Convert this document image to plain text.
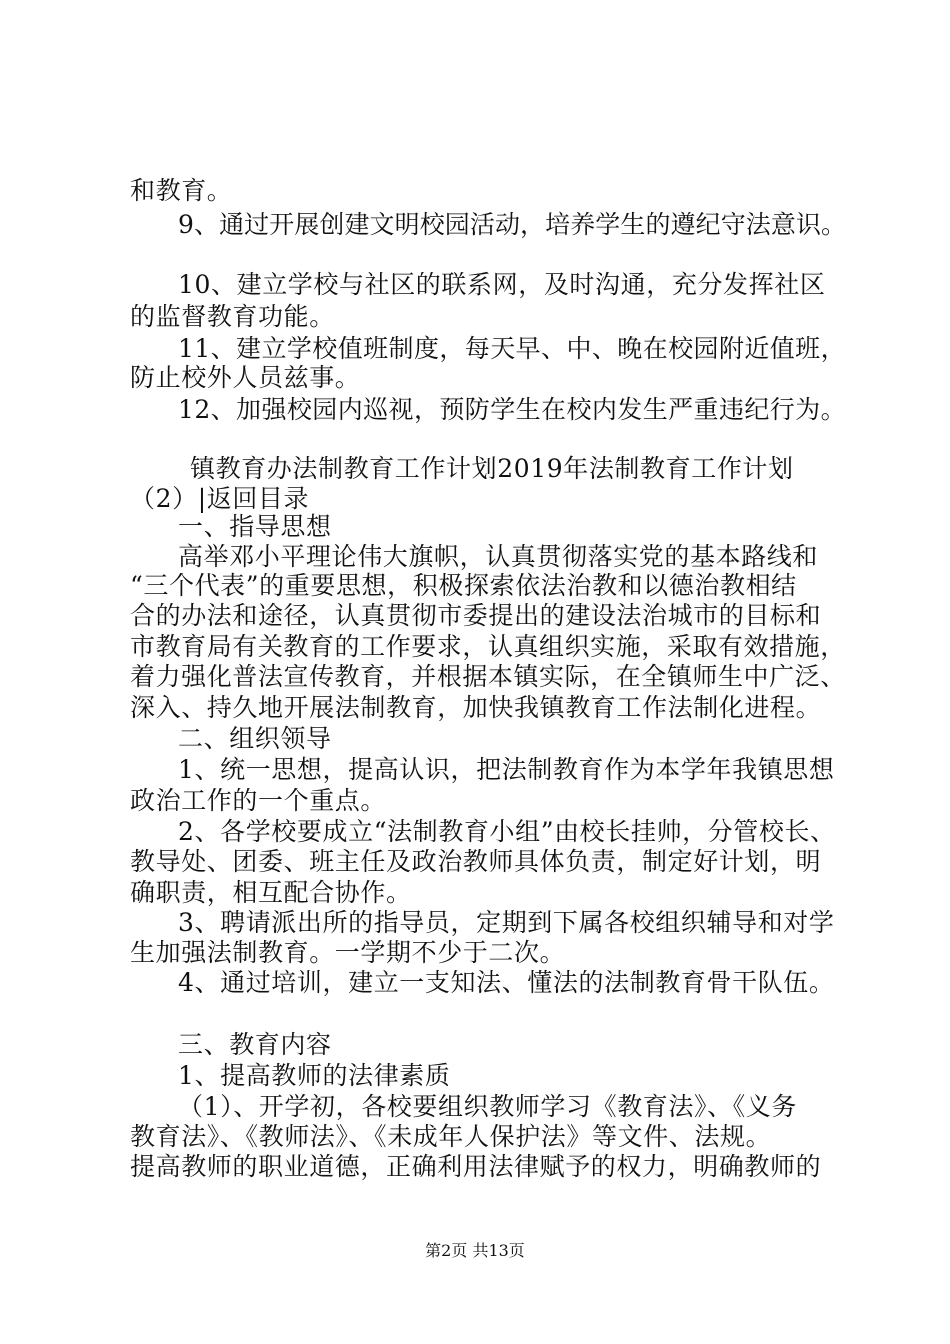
和教育。
9、通过开展创建文明校园活动，培养学生的遵纪守法意识。
10、建立学校与社区的联系网，及时沟通，充分发挥社区
的监督教育功能。
11、建立学校值班制度，每天早、中、晚在校园附近值班，
防止校外人员兹事。
12、加强校园内巡视，预防学生在校内发生严重违纪行为。
镇教育办法制教育工作计划2019年法制教育工作计划
（2）|返回目录
一、指导思想
高举邓小平理论伟大旗帜，认真贯彻落实党的基本路线和
“三个代表”的重要思想，积极探索依法治教和以德治教相结
合的办法和途径，认真贯彻市委提出的建设法治城市的目标和
市教育局有关教育的工作要求，认真组织实施，采取有效措施，
着力强化普法宣传教育，并根据本镇实际，在全镇师生中广泛、
深入、持久地开展法制教育，加快我镇教育工作法制化进程。
二、组织领导
1、统一思想，提高认识，把法制教育作为本学年我镇思想
政治工作的一个重点。
2、各学校要成立“法制教育小组”由校长挂帅，分管校长、
教导处、团委、班主任及政治教师具体负责，制定好计划，明
确职责，相互配合协作。
3、聘请派出所的指导员，定期到下属各校组织辅导和对学
生加强法制教育。一学期不少于二次。
4、通过培训，建立一支知法、懂法的法制教育骨干队伍。
三、教育内容
1、提高教师的法律素质
（1）、开学初，各校要组织教师学习《教育法》、《义务
教育法》、《教师法》、《未成年人保护法》等文件、法规。
提高教师的职业道德，正确利用法律赋予的权力，明确教师的
第2页 共13页
